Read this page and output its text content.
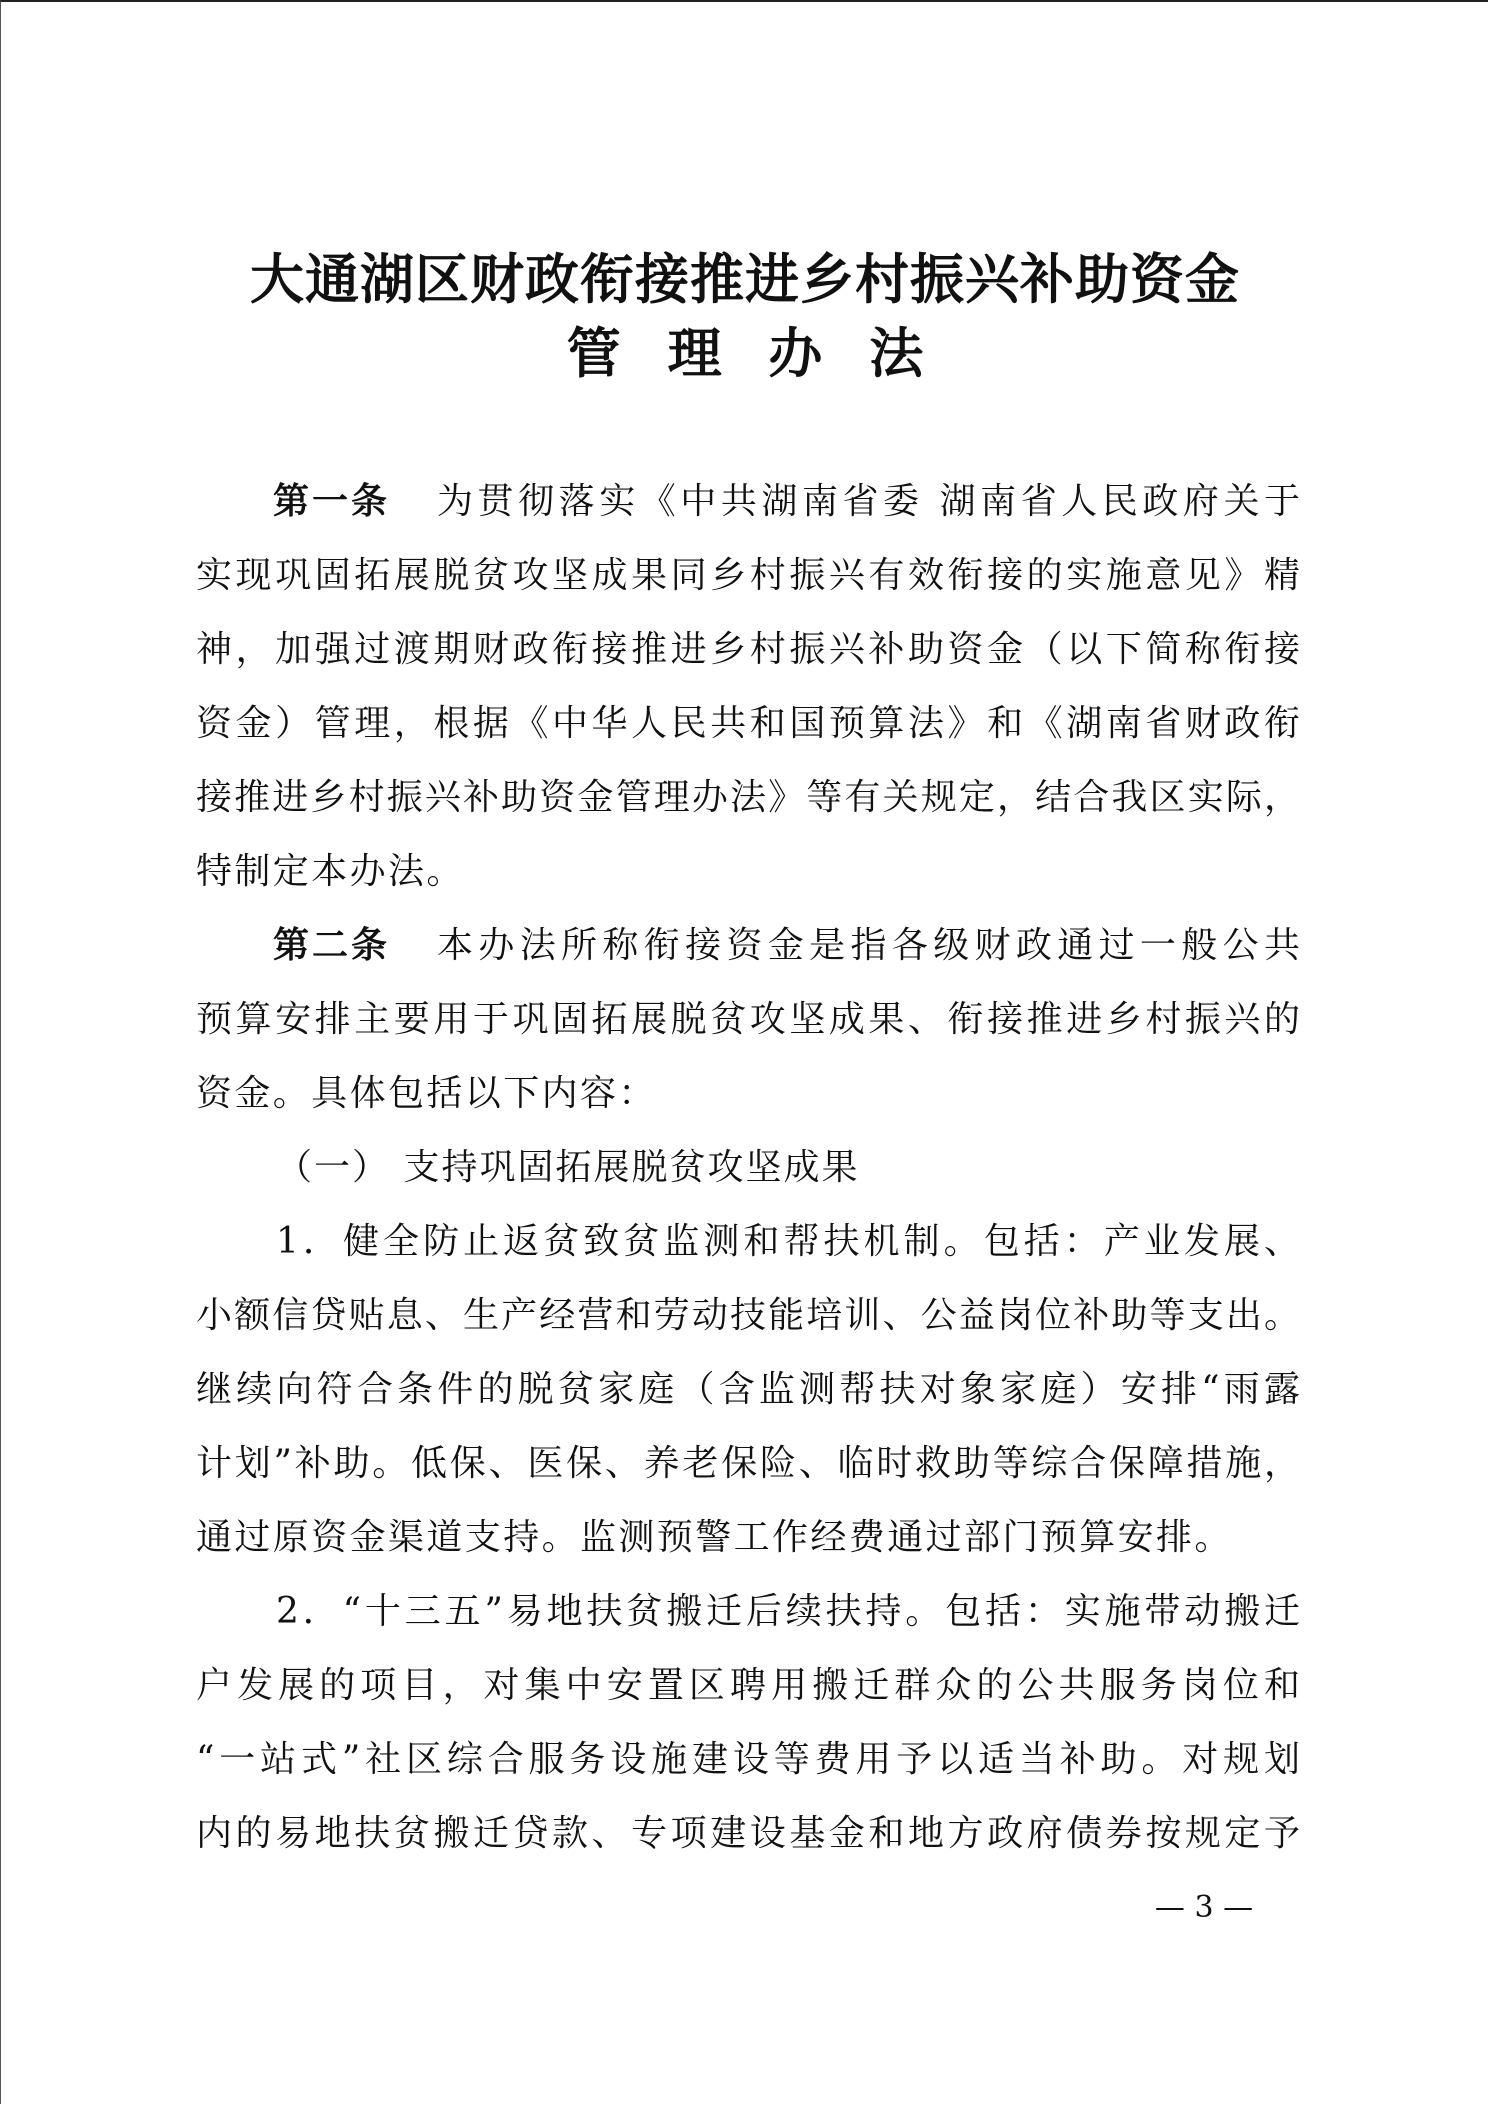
大通湖区财政衔接推进乡村振兴补助资金
管 理 办 法
第一条	为贯彻落实《中共湖南省委 湖南省人民政府关于
实现巩固拓展脱贫攻坚成果同乡村振兴有效衔接的实施意见》精
神，加强过渡期财政衔接推进乡村振兴补助资金（以下简称衔接
资金）管理，根据《中华人民共和国预算法》和《湖南省财政衔
接推进乡村振兴补助资金管理办法》等有关规定，结合我区实际，
特制定本办法。
第二条	本办法所称衔接资金是指各级财政通过一般公共
预算安排主要用于巩固拓展脱贫攻坚成果、衔接推进乡村振兴的
资金。具体包括以下内容：
（一） 支持巩固拓展脱贫攻坚成果
1．健全防止返贫致贫监测和帮扶机制。包括：产业发展、
小额信贷贴息、生产经营和劳动技能培训、公益岗位补助等支出。
继续向符合条件的脱贫家庭（含监测帮扶对象家庭）安排“雨露
计划”补助。低保、医保、养老保险、临时救助等综合保障措施，
通过原资金渠道支持。监测预警工作经费通过部门预算安排。
2．“十三五”易地扶贫搬迁后续扶持。包括：实施带动搬迁
户发展的项目，对集中安置区聘用搬迁群众的公共服务岗位和
“一站式”社区综合服务设施建设等费用予以适当补助。对规划
内的易地扶贫搬迁贷款、专项建设基金和地方政府债券按规定予
— 3 —
